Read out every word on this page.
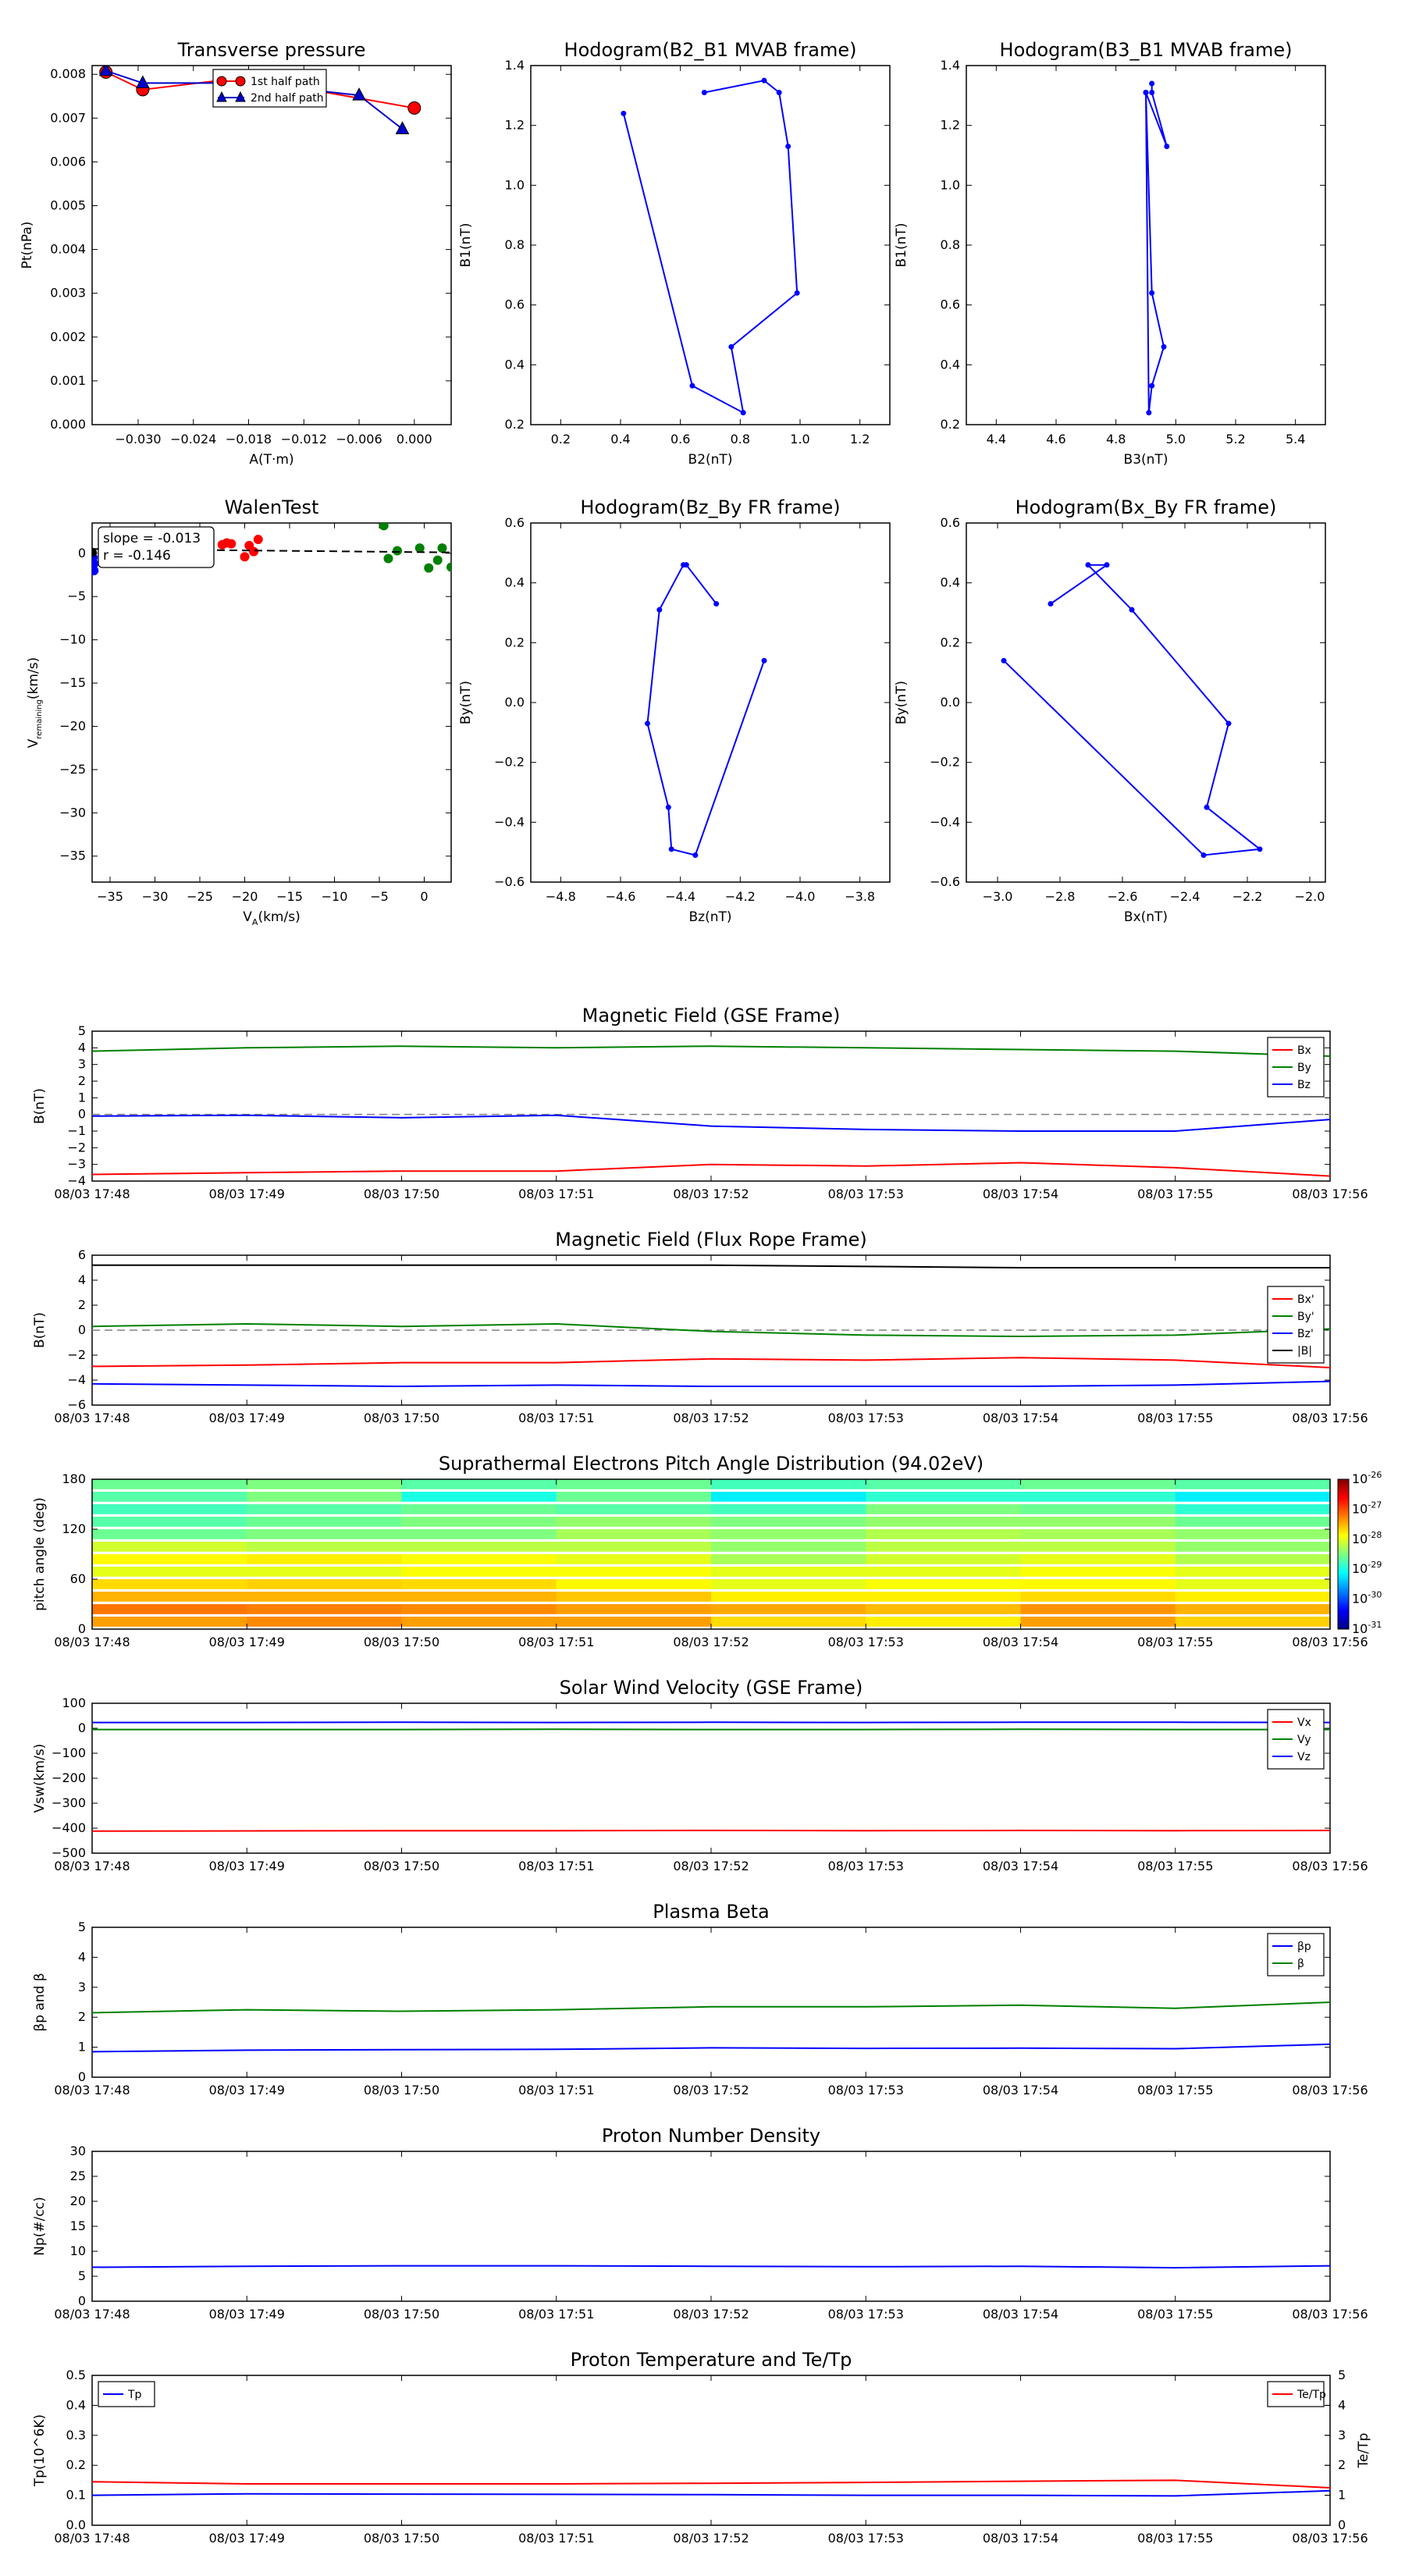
Transverse pressure
−0.030 −0.024 −0.018 −0.012 −0.006 0.000
0.000
0.001
0.002
0.003
0.004
0.005
0.006
0.007
0.008
A(T·m)
Pt(nPa)
1st half path
2nd half path
Hodogram(B2_B1 MVAB frame)
0.2	0.4	0.6	0.8	1.0	1.2
0.2
0.4
0.6
0.8
1.0
1.2
1.4
B2(nT)
B1(nT)
Hodogram(B3_B1 MVAB frame)
4.4	4.6	4.8	5.0	5.2	5.4
0.2
0.4
0.6
0.8
1.0
1.2
1.4
B3(nT)
B1(nT)
WalenTest
−35 −30 −25 −20 −15 −10 −5	0
−35
−30
−25
−20
−15
−10
−5
0
slope = -0.013
r = -0.146
$V_A(km/s)$
$V_{remaining}(km/s)$
Hodogram(Bz_By FR frame)
−4.8 −4.6 −4.4 −4.2 −4.0 −3.8
−0.6
−0.4
−0.2
0.0
0.2
0.4
0.6
Bz(nT)
By(nT)
Hodogram(Bx_By FR frame)
−3.0	−2.8	−2.6	−2.4	−2.2	−2.0
−0.6
−0.4
−0.2
0.0
0.2
0.4
0.6
Bx(nT)
By(nT)
Magnetic Field (GSE Frame)
08/03 17:48	08/03 17:49	08/03 17:50	08/03 17:51	08/03 17:52	08/03 17:53	08/03 17:54	08/03 17:55	08/03 17:56
−4
−3
−2
−1
0
1
2
3
4
5
B(nT)
Bx
By
Bz
Magnetic Field (Flux Rope Frame)
08/03 17:48	08/03 17:49	08/03 17:50	08/03 17:51	08/03 17:52	08/03 17:53	08/03 17:54	08/03 17:55	08/03 17:56
−6
−4
−2
0
2
4
6
B(nT)
Bx'
By'
Bz'
|B|
Solar Wind Velocity (GSE Frame)
08/03 17:48	08/03 17:49	08/03 17:50	08/03 17:51	08/03 17:52	08/03 17:53	08/03 17:54	08/03 17:55	08/03 17:56
−500
−400
−300
−200
−100
0
100
Vsw(km/s)
Vx
Vy
Vz
Plasma Beta
08/03 17:48	08/03 17:49	08/03 17:50	08/03 17:51	08/03 17:52	08/03 17:53	08/03 17:54	08/03 17:55	08/03 17:56
0
1
2
3
4
5
βp and β
βp
β
Proton Number Density
08/03 17:48	08/03 17:49	08/03 17:50	08/03 17:51	08/03 17:52	08/03 17:53	08/03 17:54	08/03 17:55	08/03 17:56
0
5
10
15
20
25
30
Np(#/cc)
Proton Temperature and Te/Tp
08/03 17:48	08/03 17:49	08/03 17:50	08/03 17:51	08/03 17:52	08/03 17:53	08/03 17:54	08/03 17:55	08/03 17:56
0.0
0.1
0.2
0.3
0.4
0.5
Tp(10^6K)
0
1
2
3
4
5
Te/Tp
Tp	Te/Tp
Suprathermal Electrons Pitch Angle Distribution (94.02eV)
08/03 17:48	08/03 17:49	08/03 17:50	08/03 17:51	08/03 17:52	08/03 17:53	08/03 17:54	08/03 17:55	08/03 17:56
0
60
120
180
pitch angle (deg)
$10^{-26}$
$10^{-27}$
$10^{-28}$
$10^{-29}$
$10^{-30}$
$10^{-31}$
